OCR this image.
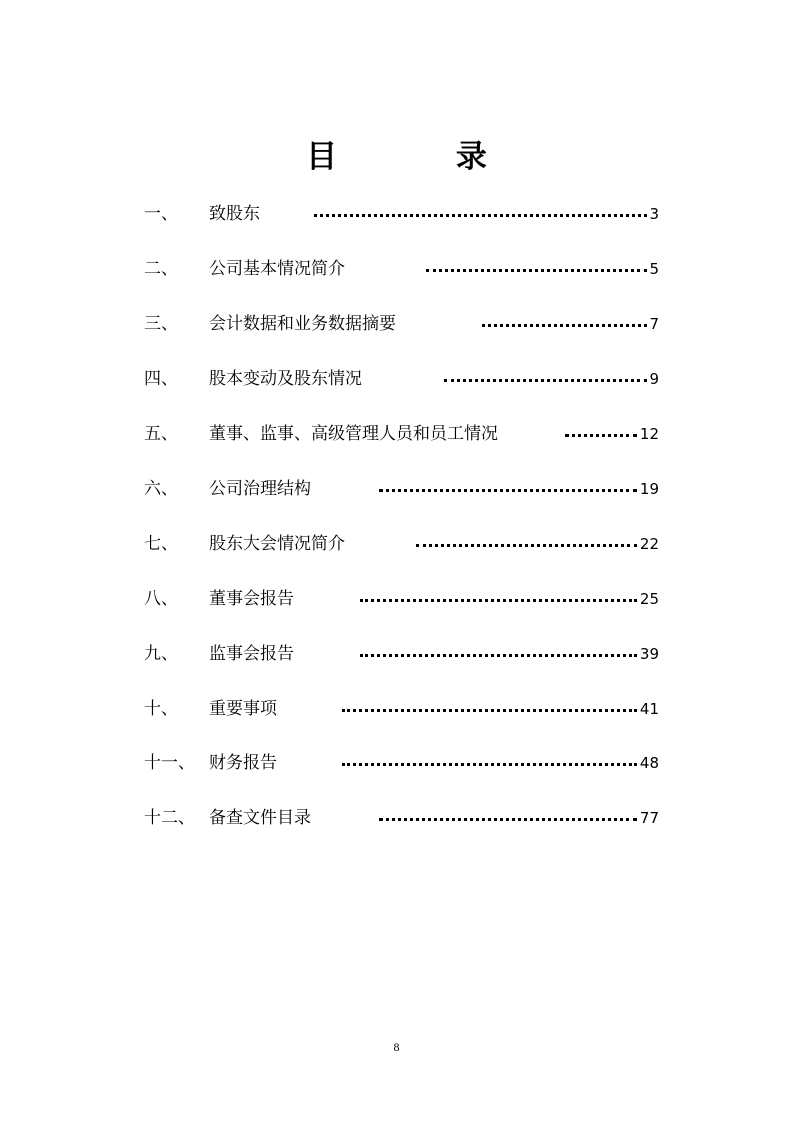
目 录
一、 致股东	3
二、 公司基本情况简介	5
三、 会计数据和业务数据摘要	7
四、 股本变动及股东情况	9
五、 董事、监事、高级管理人员和员工情况	12
六、 公司治理结构	19
七、 股东大会情况简介	22
八、 董事会报告	25
九、 监事会报告	39
十、 重要事项	41
十一、 财务报告	48
十二、 备查文件目录	77
8
